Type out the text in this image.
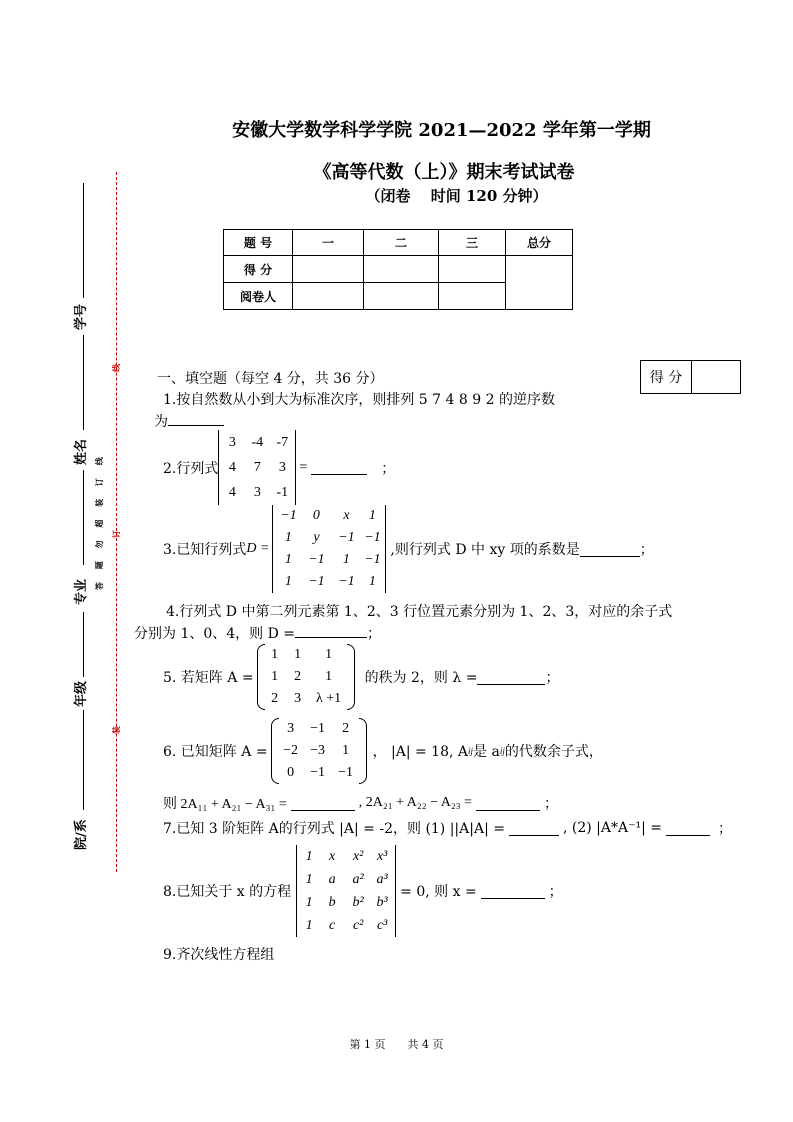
安徽大学数学科学学院 2021—2022 学年第一学期
《高等代数（上）》期末考试试卷
（闭卷　 时间 120 分钟）
题 号	一	二	三	总分
得 分				
阅卷人				
得 分	
学号
姓名
专业
年级
院/系
线
订
装
答 题 勿 超 装 订 线
一、填空题（每空 4 分，共 36 分）
1.按自然数从小到大为标准次序，则排列 5 7 4 8 9 2 的逆序数
为
2.行列式
3	-4 -7
4	7	3
4	3	-1
=	；
3.已知行列式 D =
−1	0	x	1
1	y	−1 −1
1	−1	1	−1
1	−1 −1	1
,则行列式 D 中 xy 项的系数是	；
4.行列式 D 中第二列元素第 1、2、3 行位置元素分别为 1、2、3，对应的余子式
分别为 1、0、4，则 D =	；
5. 若矩阵 A =
1	1	1
1	2	1
2	3	λ +1
的秩为 2，则 λ =	；
6. 已知矩阵 A =
3	−1	2
−2 −3	1
0	−1 −1
， |A| = 18, A ij 是 a ij 的代数余子式，
则 2A₁₁ + A₂₁ − A₃₁ =	, 2A₂₁ + A₂₂ − A₂₃ =	；
7.已知 3 阶矩阵 A的行列式 |A| = -2，则 (1) ||A|A| =	, (2) |A*A⁻¹| =	；
8.已知关于 x 的方程
1	x	x² x³
1	a	a² a³
1	b	b² b³
1	c	c² c³
= 0, 则 x =	；
9.齐次线性方程组
第 1 页　　共 4 页
